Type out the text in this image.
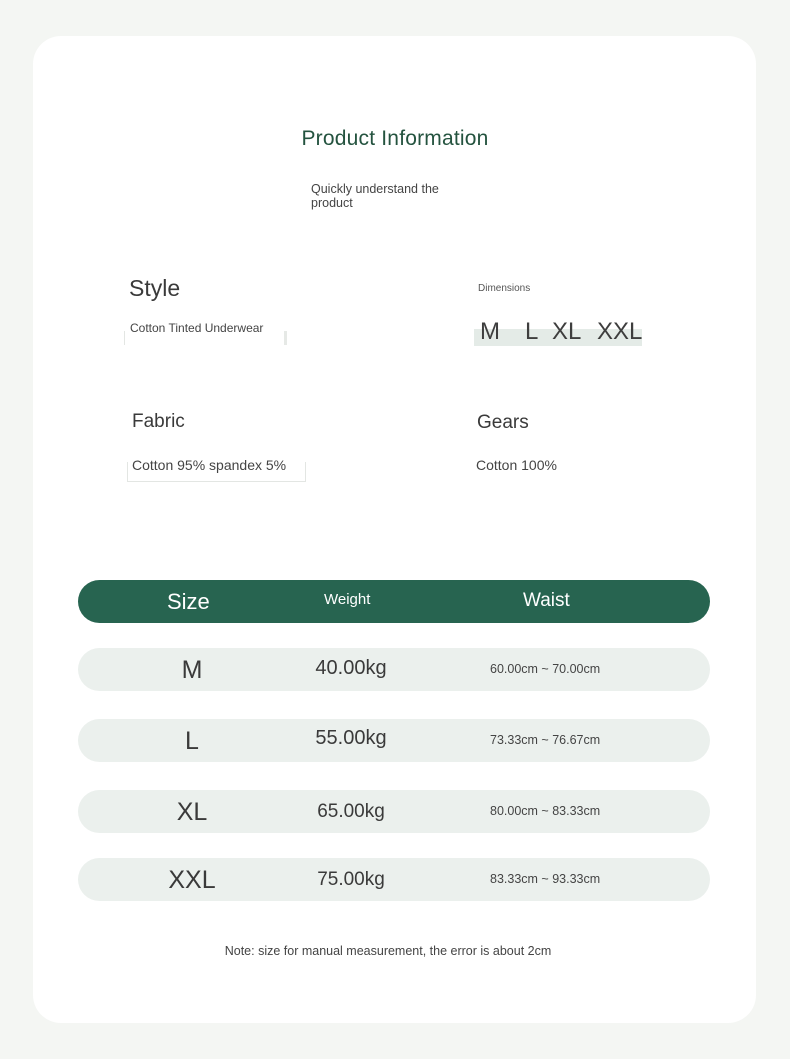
Product Information
Quickly understand the product
Style
Cotton Tinted Underwear
Dimensions
M	L XL XXL
Fabric
Cotton 95% spandex 5%
Gears
Cotton 100%
Size	Weight	Waist
M	40.00kg	60.00cm ~ 70.00cm
L	55.00kg	73.33cm ~ 76.67cm
XL	65.00kg	80.00cm ~ 83.33cm
XXL	75.00kg	83.33cm ~ 93.33cm
Note: size for manual measurement, the error is about 2cm
